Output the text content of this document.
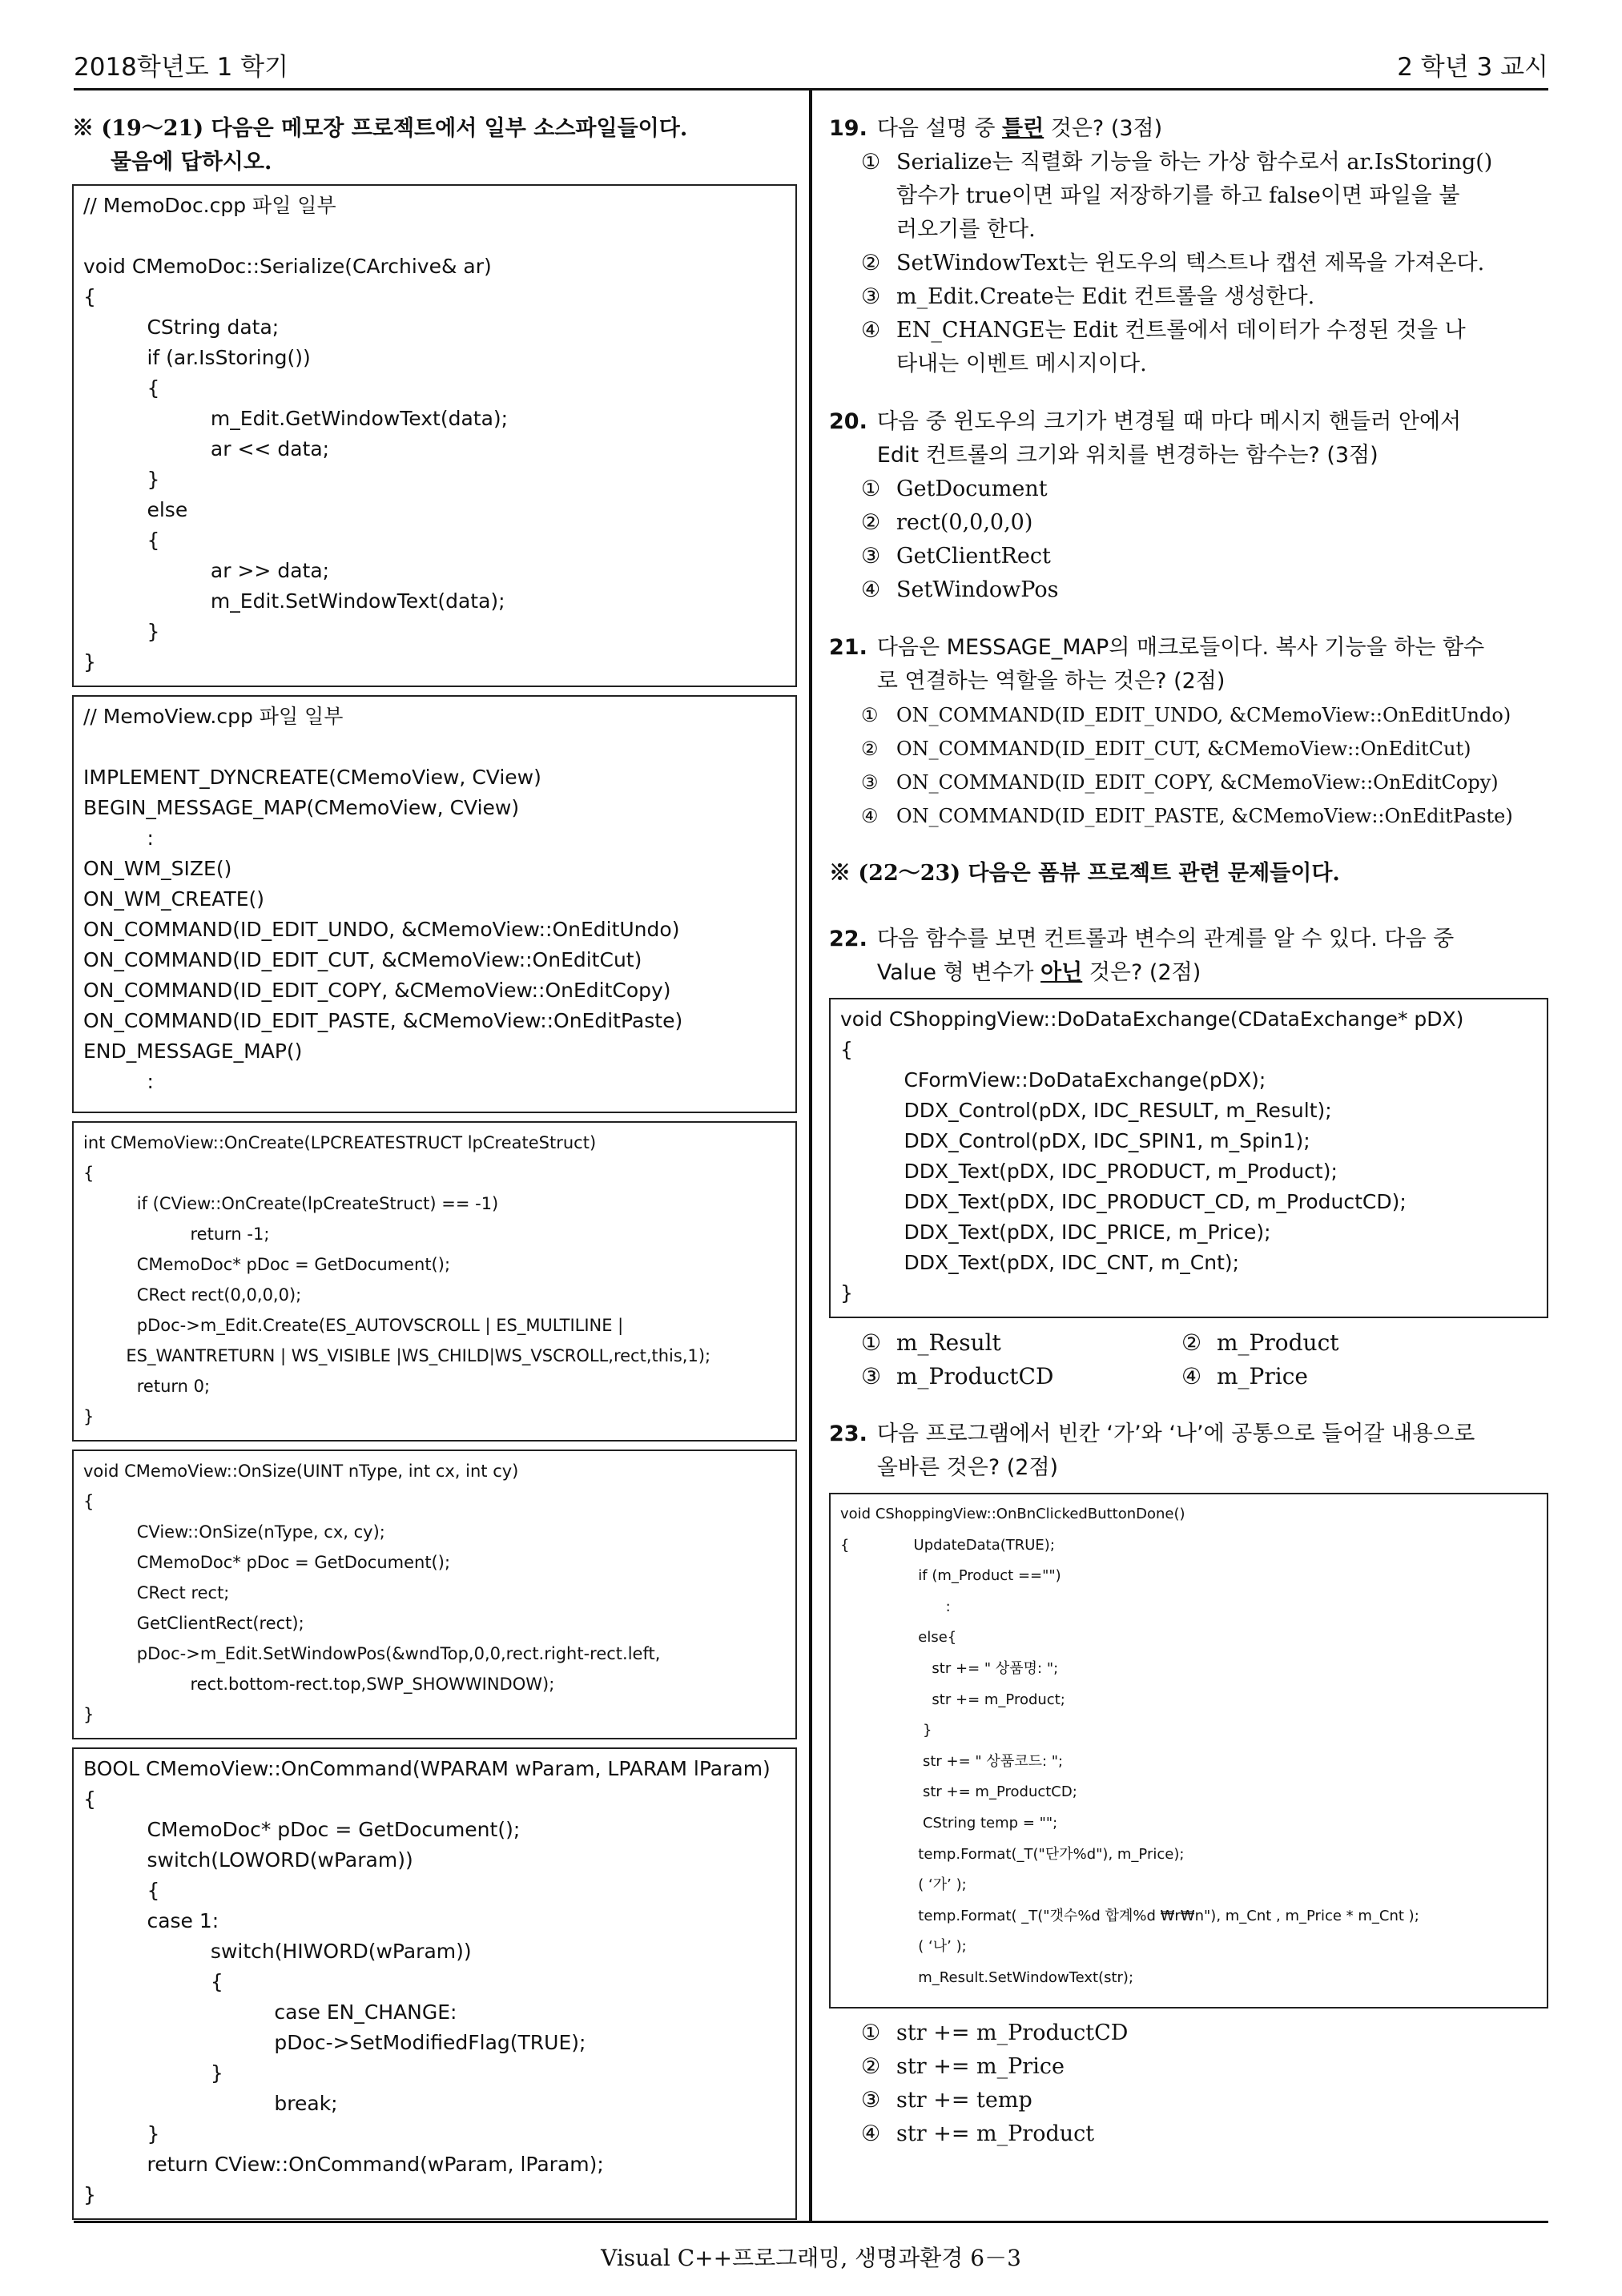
2018학년도 1 학기	2 학년 3 교시
※ (19～21) 다음은 메모장 프로젝트에서 일부 소스파일들이다.
물음에 답하시오.
// MemoDoc.cpp 파일 일부
void CMemoDoc::Serialize(CArchive& ar)
{
CString data;
if (ar.IsStoring())
{
m_Edit.GetWindowText(data);
ar << data;
}
else
{
ar >> data;
m_Edit.SetWindowText(data);
}
}
// MemoView.cpp 파일 일부
IMPLEMENT_DYNCREATE(CMemoView, CView)
BEGIN_MESSAGE_MAP(CMemoView, CView)
:
ON_WM_SIZE()
ON_WM_CREATE()
ON_COMMAND(ID_EDIT_UNDO, &CMemoView::OnEditUndo)
ON_COMMAND(ID_EDIT_CUT, &CMemoView::OnEditCut)
ON_COMMAND(ID_EDIT_COPY, &CMemoView::OnEditCopy)
ON_COMMAND(ID_EDIT_PASTE, &CMemoView::OnEditPaste)
END_MESSAGE_MAP()
:
int CMemoView::OnCreate(LPCREATESTRUCT lpCreateStruct)
{
if (CView::OnCreate(lpCreateStruct) == -1)
return -1;
CMemoDoc* pDoc = GetDocument();
CRect rect(0,0,0,0);
pDoc->m_Edit.Create(ES_AUTOVSCROLL | ES_MULTILINE |
ES_WANTRETURN | WS_VISIBLE |WS_CHILD|WS_VSCROLL,rect,this,1);
return 0;
}
void CMemoView::OnSize(UINT nType, int cx, int cy)
{
CView::OnSize(nType, cx, cy);
CMemoDoc* pDoc = GetDocument();
CRect rect;
GetClientRect(rect);
pDoc->m_Edit.SetWindowPos(&wndTop,0,0,rect.right-rect.left,
rect.bottom-rect.top,SWP_SHOWWINDOW);
}
BOOL CMemoView::OnCommand(WPARAM wParam, LPARAM lParam)
{
CMemoDoc* pDoc = GetDocument();
switch(LOWORD(wParam))
{
case 1:
switch(HIWORD(wParam))
{
case EN_CHANGE:
pDoc->SetModifiedFlag(TRUE);
}
break;
}
return CView::OnCommand(wParam, lParam);
}
19. 다음 설명 중 틀린 것은? (3점)
① Serialize는 직렬화 기능을 하는 가상 함수로서 ar.IsStoring()
함수가 true이면 파일 저장하기를 하고 false이면 파일을 불
러오기를 한다.
② SetWindowText는 윈도우의 텍스트나 캡션 제목을 가져온다.
③ m_Edit.Create는 Edit 컨트롤을 생성한다.
④ EN_CHANGE는 Edit 컨트롤에서 데이터가 수정된 것을 나
타내는 이벤트 메시지이다.
20. 다음 중 윈도우의 크기가 변경될 때 마다 메시지 핸들러 안에서
Edit 컨트롤의 크기와 위치를 변경하는 함수는? (3점)
① GetDocument
② rect(0,0,0,0)
③ GetClientRect
④ SetWindowPos
21. 다음은 MESSAGE_MAP의 매크로들이다. 복사 기능을 하는 함수
로 연결하는 역할을 하는 것은? (2점)
① ON_COMMAND(ID_EDIT_UNDO, &CMemoView::OnEditUndo)
② ON_COMMAND(ID_EDIT_CUT, &CMemoView::OnEditCut)
③ ON_COMMAND(ID_EDIT_COPY, &CMemoView::OnEditCopy)
④ ON_COMMAND(ID_EDIT_PASTE, &CMemoView::OnEditPaste)
※ (22～23) 다음은 폼뷰 프로젝트 관련 문제들이다.
22. 다음 함수를 보면 컨트롤과 변수의 관계를 알 수 있다. 다음 중
Value 형 변수가 아닌 것은? (2점)
void CShoppingView::DoDataExchange(CDataExchange* pDX)
{
CFormView::DoDataExchange(pDX);
DDX_Control(pDX, IDC_RESULT, m_Result);
DDX_Control(pDX, IDC_SPIN1, m_Spin1);
DDX_Text(pDX, IDC_PRODUCT, m_Product);
DDX_Text(pDX, IDC_PRODUCT_CD, m_ProductCD);
DDX_Text(pDX, IDC_PRICE, m_Price);
DDX_Text(pDX, IDC_CNT, m_Cnt);
}
① m_Result	② m_Product
③ m_ProductCD	④ m_Price
23. 다음 프로그램에서 빈칸 ‘가’와 ‘나’에 공통으로 들어갈 내용으로
올바른 것은? (2점)
void CShoppingView::OnBnClickedButtonDone()
{              UpdateData(TRUE);
if (m_Product =="")
:
else{
str += " 상품명: ";
str += m_Product;
}
str += " 상품코드: ";
str += m_ProductCD;
CString temp = "";
temp.Format(_T("단가%d"), m_Price);
( ‘가’ );
temp.Format( _T("갯수%d 합계%d ₩r₩n"), m_Cnt , m_Price * m_Cnt );
( ‘나’ );
m_Result.SetWindowText(str);
① str += m_ProductCD
② str += m_Price
③ str += temp
④ str += m_Product
Visual C++프로그래밍, 생명과환경 6－3
